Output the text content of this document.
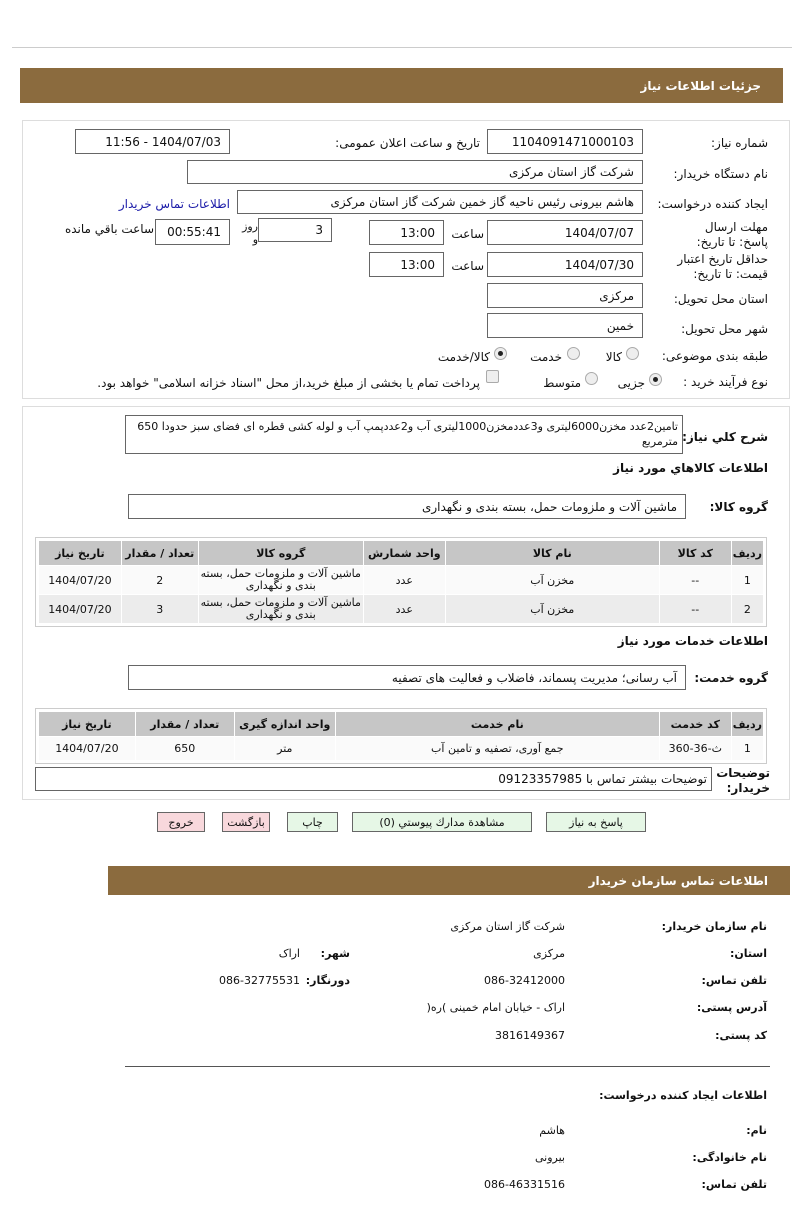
جزئیات اطلاعات نیاز
شماره نیاز:
1104091471000103
تاریخ و ساعت اعلان عمومی:
1404/07/03 - 11:56
نام دستگاه خریدار:
شرکت گاز استان مرکزی
ایجاد کننده درخواست:
هاشم بیرونی رئیس ناحیه گاز خمین شرکت گاز استان مرکزی
اطلاعات تماس خریدار
مهلت ارسال پاسخ: تا تاریخ:
1404/07/07
ساعت
13:00
3
روز و
00:55:41
ساعت باقي مانده
حداقل تاریخ اعتبار قیمت: تا تاریخ:
1404/07/30
ساعت
13:00
استان محل تحویل:
مرکزی
شهر محل تحویل:
خمین
طبقه بندی موضوعی:
کالا
خدمت
کالا/خدمت
نوع فرآیند خرید :
جزیی
متوسط
پرداخت تمام یا بخشی از مبلغ خرید،از محل "اسناد خزانه اسلامی" خواهد بود.
شرح کلي نياز:
تامین2عدد مخزن6000لیتری و3عددمخزن1000لیتری آب و2عددپمپ آب و لوله کشی قطره ای فضای سبز حدودا 650 مترمربع
اطلاعات کالاهاي مورد نياز
گروه کالا:
ماشین آلات و ملزومات حمل، بسته بندی و نگهداری
ردیف	کد کالا	نام کالا	واحد شمارش	گروه کالا	تعداد / مقدار	تاریخ نیاز
1	--	مخزن آب	عدد	ماشین آلات و ملزومات حمل، بسته بندی و نگهداری	2	1404/07/20
2	--	مخزن آب	عدد	ماشین آلات و ملزومات حمل، بسته بندی و نگهداری	3	1404/07/20
اطلاعات خدمات مورد نياز
گروه خدمت:
آب رسانی؛ مدیریت پسماند، فاضلاب و فعالیت های تصفیه
ردیف	کد خدمت	نام خدمت	واحد اندازه گیری	تعداد / مقدار	تاریخ نیاز
1	ث-36-360	جمع آوری، تصفیه و تامین آب	متر	650	1404/07/20
توضیحات خریدار:
توضیحات بیشتر تماس با 09123357985
پاسخ به نیاز
مشاهدة مدارك پيوستي (0)
چاپ
بازگشت
خروج
اطلاعات تماس سازمان خریدار
نام سازمان خریدار:
شرکت گاز استان مرکزی
استان:
مرکزی
شهر:
اراک
تلفن تماس:
086-32412000
دورنگار:
086-32775531
آدرس پستی:
اراک - خیابان امام خمینی )ره(
کد پستی:
3816149367
اطلاعات ایجاد کننده درخواست:
نام:
هاشم
نام خانوادگی:
بیرونی
تلفن تماس:
086-46331516
